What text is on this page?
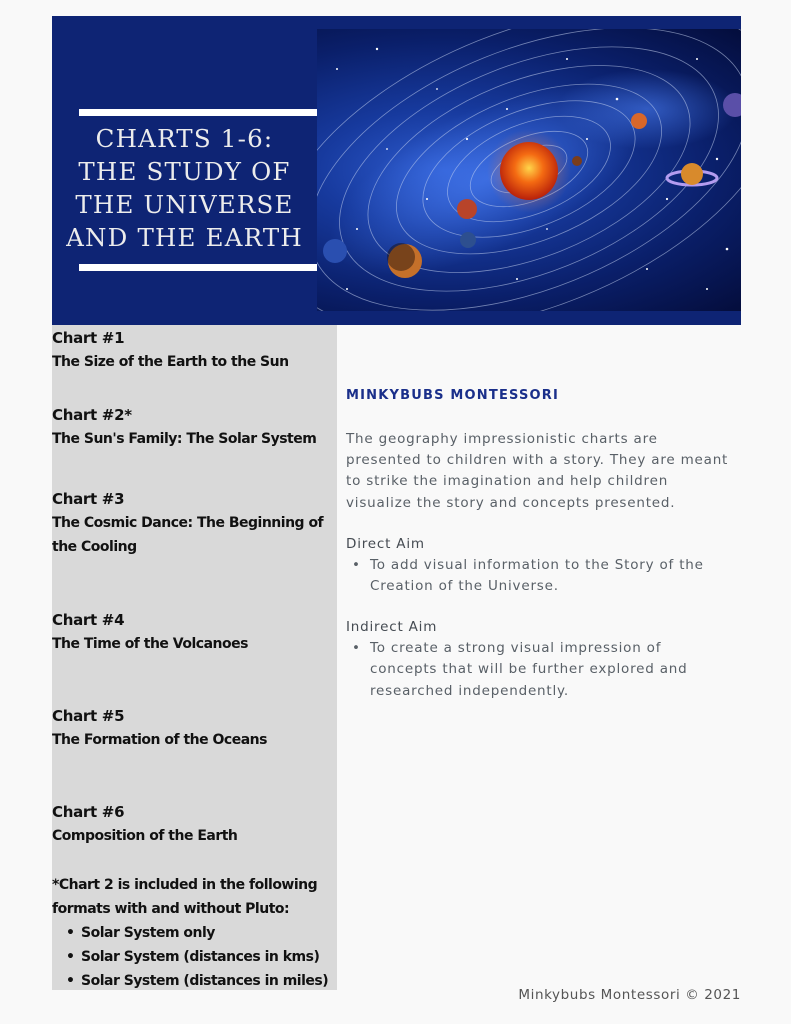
CHARTS 1-6:
THE STUDY OF
THE UNIVERSE
AND THE EARTH
Chart #1
The Size of the Earth to the Sun
Chart #2*
The Sun's Family: The Solar System
Chart #3
The Cosmic Dance: The Beginning of the Cooling
Chart #4
The Time of the Volcanoes
Chart #5
The Formation of the Oceans
Chart #6
Composition of the Earth
*Chart 2 is included in the following formats with and without Pluto:
• Solar System only
• Solar System (distances in kms)
• Solar System (distances in miles)
MINKYBUBS MONTESSORI
The geography impressionistic charts are presented to children with a story. They are meant to strike the imagination and help children visualize the story and concepts presented.
Direct Aim
• To add visual information to the Story of the Creation of the Universe.
Indirect Aim
• To create a strong visual impression of concepts that will be further explored and researched independently.
Minkybubs Montessori © 2021
